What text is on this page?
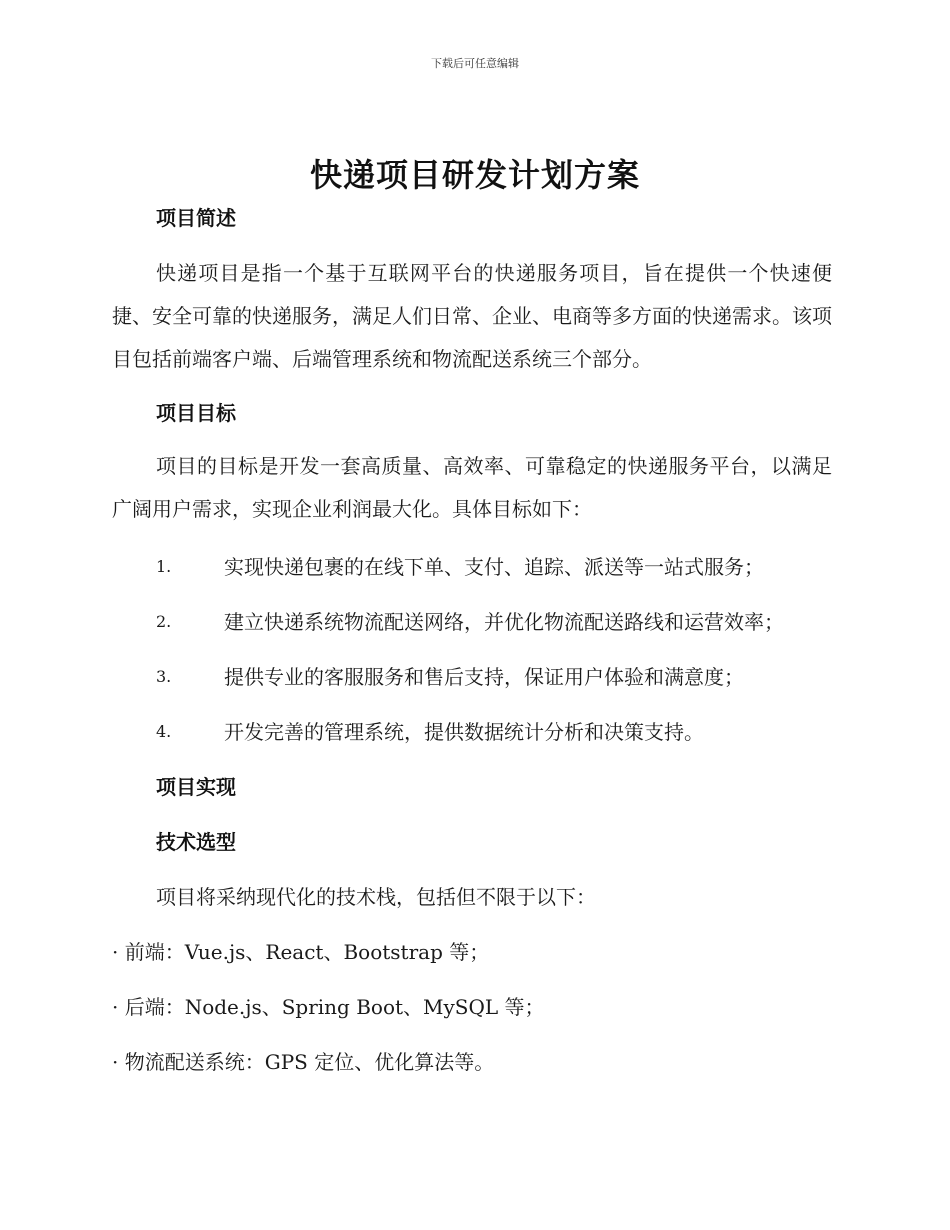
下载后可任意编辑
快递项目研发计划方案

项目简述

快递项目是指一个基于互联网平台的快递服务项目，旨在提供一个快速便捷、安全可靠的快递服务，满足人们日常、企业、电商等多方面的快递需求。该项目包括前端客户端、后端管理系统和物流配送系统三个部分。

项目目标

项目的目标是开发一套高质量、高效率、可靠稳定的快递服务平台，以满足广阔用户需求，实现企业利润最大化。具体目标如下：

1.	实现快递包裹的在线下单、支付、追踪、派送等一站式服务；
2.	建立快递系统物流配送网络，并优化物流配送路线和运营效率；
3.	提供专业的客服服务和售后支持，保证用户体验和满意度；
4.	开发完善的管理系统，提供数据统计分析和决策支持。

项目实现

技术选型

项目将采纳现代化的技术栈，包括但不限于以下：

· 前端：Vue.js、React、Bootstrap 等；

· 后端：Node.js、Spring Boot、MySQL 等；

· 物流配送系统：GPS 定位、优化算法等。
